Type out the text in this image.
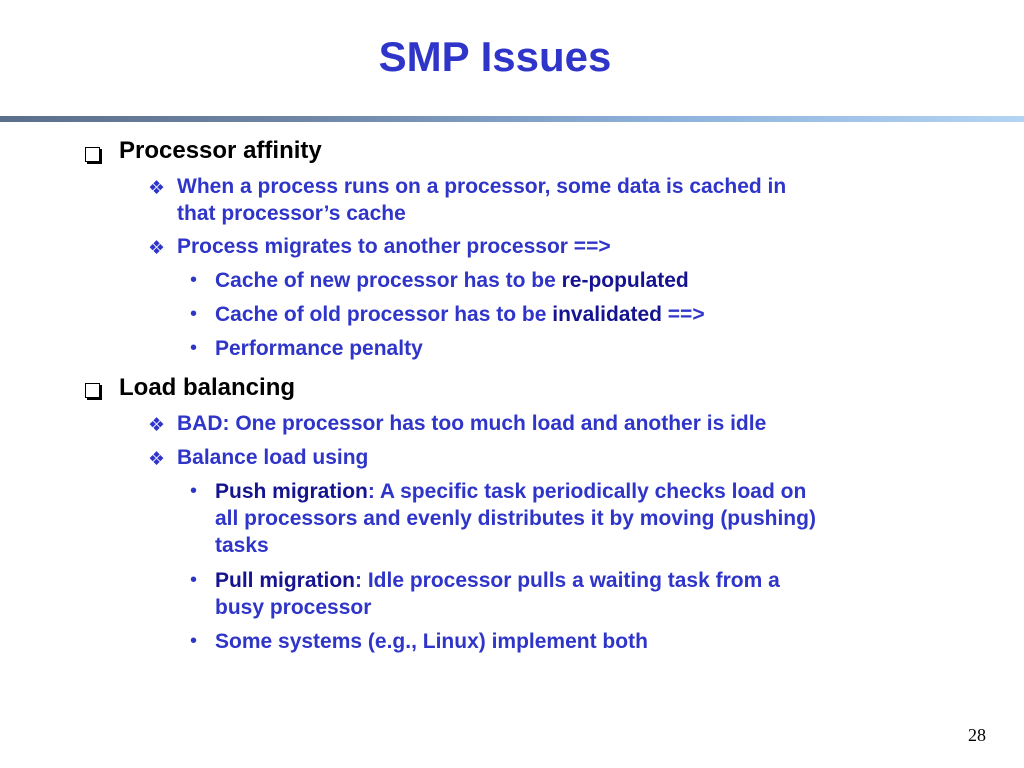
SMP Issues
Processor affinity
❖ When a process runs on a processor, some data is cached in
that processor’s cache
❖ Process migrates to another processor ==>
• Cache of new processor has to be re-populated
• Cache of old processor has to be invalidated ==>
• Performance penalty
Load balancing
❖ BAD: One processor has too much load and another is idle
❖ Balance load using
• Push migration: A specific task periodically checks load on
all processors and evenly distributes it by moving (pushing)
tasks
• Pull migration: Idle processor pulls a waiting task from a
busy processor
• Some systems (e.g., Linux) implement both
28
